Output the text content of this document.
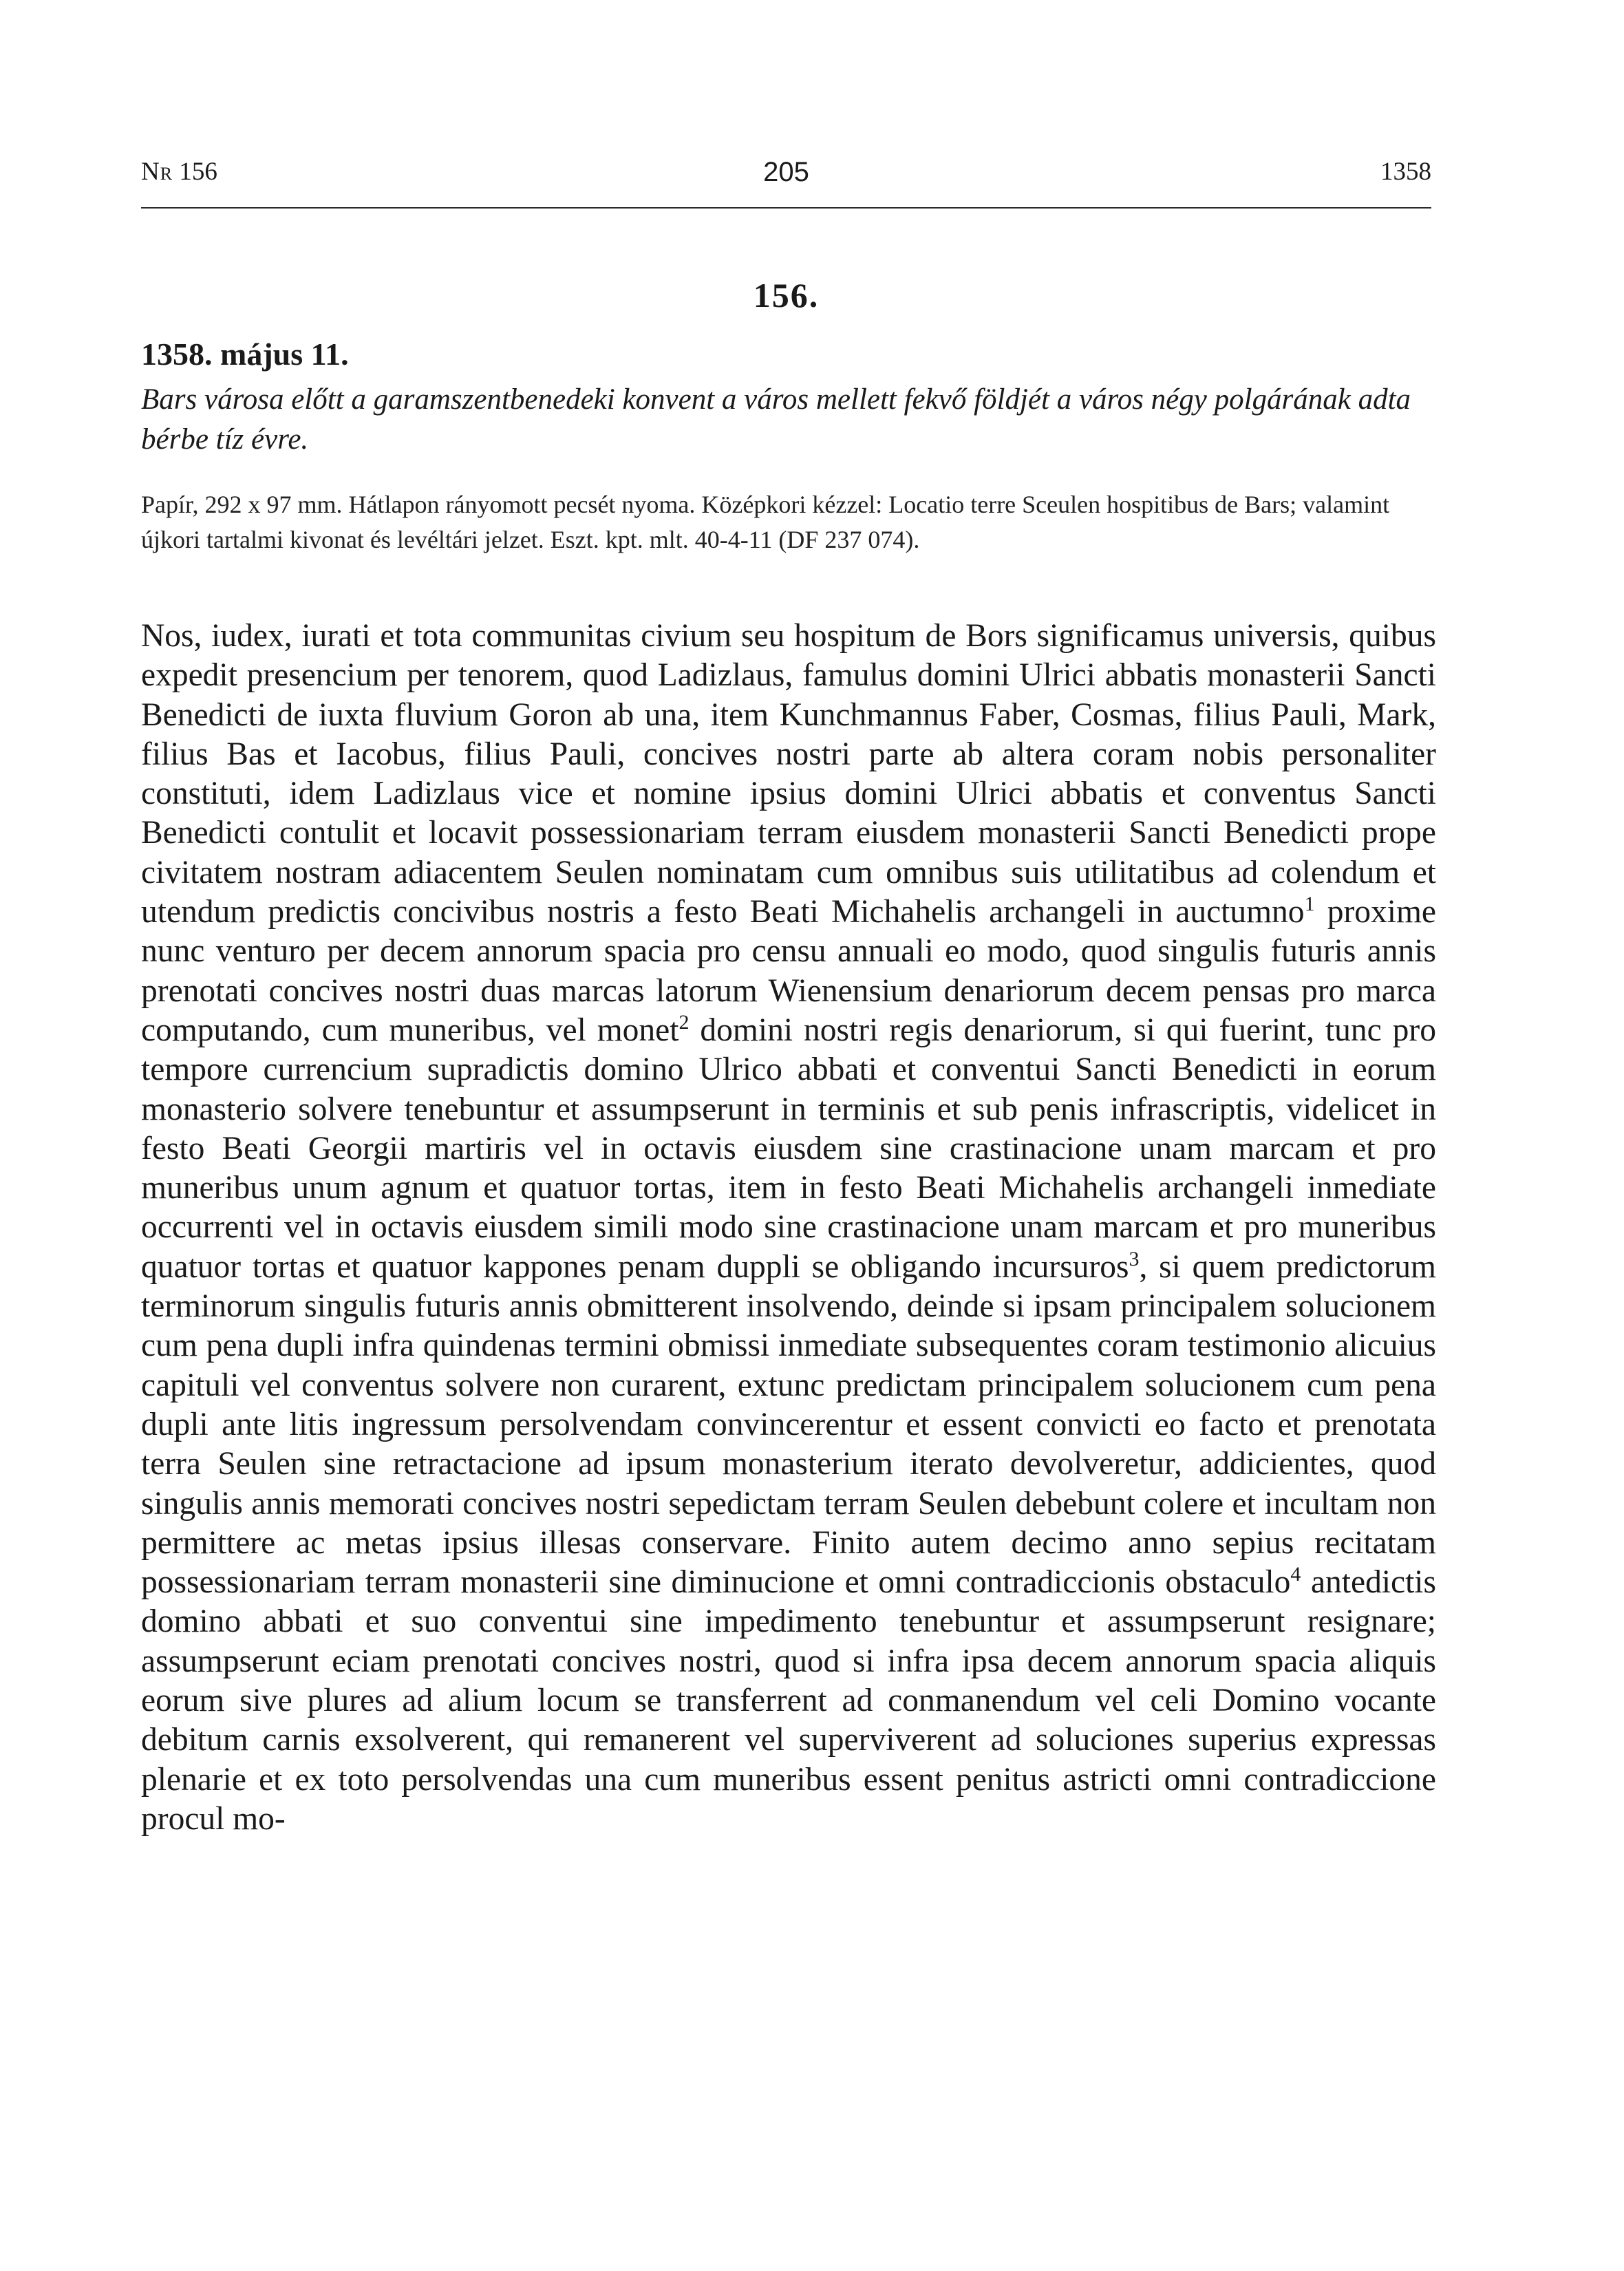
Nr 156	205	1358
156.
1358. május 11.
Bars városa előtt a garamszentbenedeki konvent a város mellett fekvő földjét a város négy polgárának adta bérbe tíz évre.
Papír, 292 x 97 mm. Hátlapon rányomott pecsét nyoma. Középkori kézzel: Locatio terre Sceulen hospitibus de Bars; valamint újkori tartalmi kivonat és levéltári jelzet. Eszt. kpt. mlt. 40-4-11 (DF 237 074).
Nos, iudex, iurati et tota communitas civium seu hospitum de Bors significamus universis, quibus expedit presencium per tenorem, quod Ladizlaus, famulus domini Ulrici abbatis monasterii Sancti Benedicti de iuxta fluvium Goron ab una, item Kunchmannus Faber, Cosmas, filius Pauli, Mark, filius Bas et Iacobus, filius Pauli, concives nostri parte ab altera coram nobis personaliter constituti, idem Ladizlaus vice et nomine ipsius domini Ulrici abbatis et conventus Sancti Benedicti contulit et locavit possessionariam terram eiusdem monasterii Sancti Benedicti prope civitatem nostram adiacentem Seulen nominatam cum omnibus suis utilitatibus ad colendum et utendum predictis concivibus nostris a festo Beati Michahelis archangeli in auctumno$^1$ proxime nunc venturo per decem annorum spacia pro censu annuali eo modo, quod singulis futuris annis prenotati concives nostri duas marcas latorum Wienensium denariorum decem pensas pro marca computando, cum muneribus, vel monet$^2$ domini nostri regis denariorum, si qui fuerint, tunc pro tempore currencium supradictis domino Ulrico abbati et conventui Sancti Benedicti in eorum monasterio solvere tenebuntur et assumpserunt in terminis et sub penis infrascriptis, videlicet in festo Beati Georgii martiris vel in octavis eiusdem sine crastinacione unam marcam et pro muneribus unum agnum et quatuor tortas, item in festo Beati Michahelis archangeli inmediate occurrenti vel in octavis eiusdem simili modo sine crastinacione unam marcam et pro muneribus quatuor tortas et quatuor kappones penam duppli se obligando incursuros$^3$, si quem predictorum terminorum singulis futuris annis obmitterent insolvendo, deinde si ipsam principalem solucionem cum pena dupli infra quindenas termini obmissi inmediate subsequentes coram testimonio alicuius capituli vel conventus solvere non curarent, extunc predictam principalem solucionem cum pena dupli ante litis ingressum persolvendam convincerentur et essent convicti eo facto et prenotata terra Seulen sine retractacione ad ipsum monasterium iterato devolveretur, addicientes, quod singulis annis memorati concives nostri sepedictam terram Seulen debebunt colere et incultam non permittere ac metas ipsius illesas conservare. Finito autem decimo anno sepius recitatam possessionariam terram monasterii sine diminucione et omni contradiccionis obstaculo$^4$ antedictis domino abbati et suo conventui sine impedimento tenebuntur et assumpserunt resignare; assumpserunt eciam prenotati concives nostri, quod si infra ipsa decem annorum spacia aliquis eorum sive plures ad alium locum se transferrent ad conmanendum vel celi Domino vocante debitum carnis exsolverent, qui remanerent vel superviverent ad soluciones superius expressas plenarie et ex toto persolvendas una cum muneribus essent penitus astricti omni contradiccione procul mo-
